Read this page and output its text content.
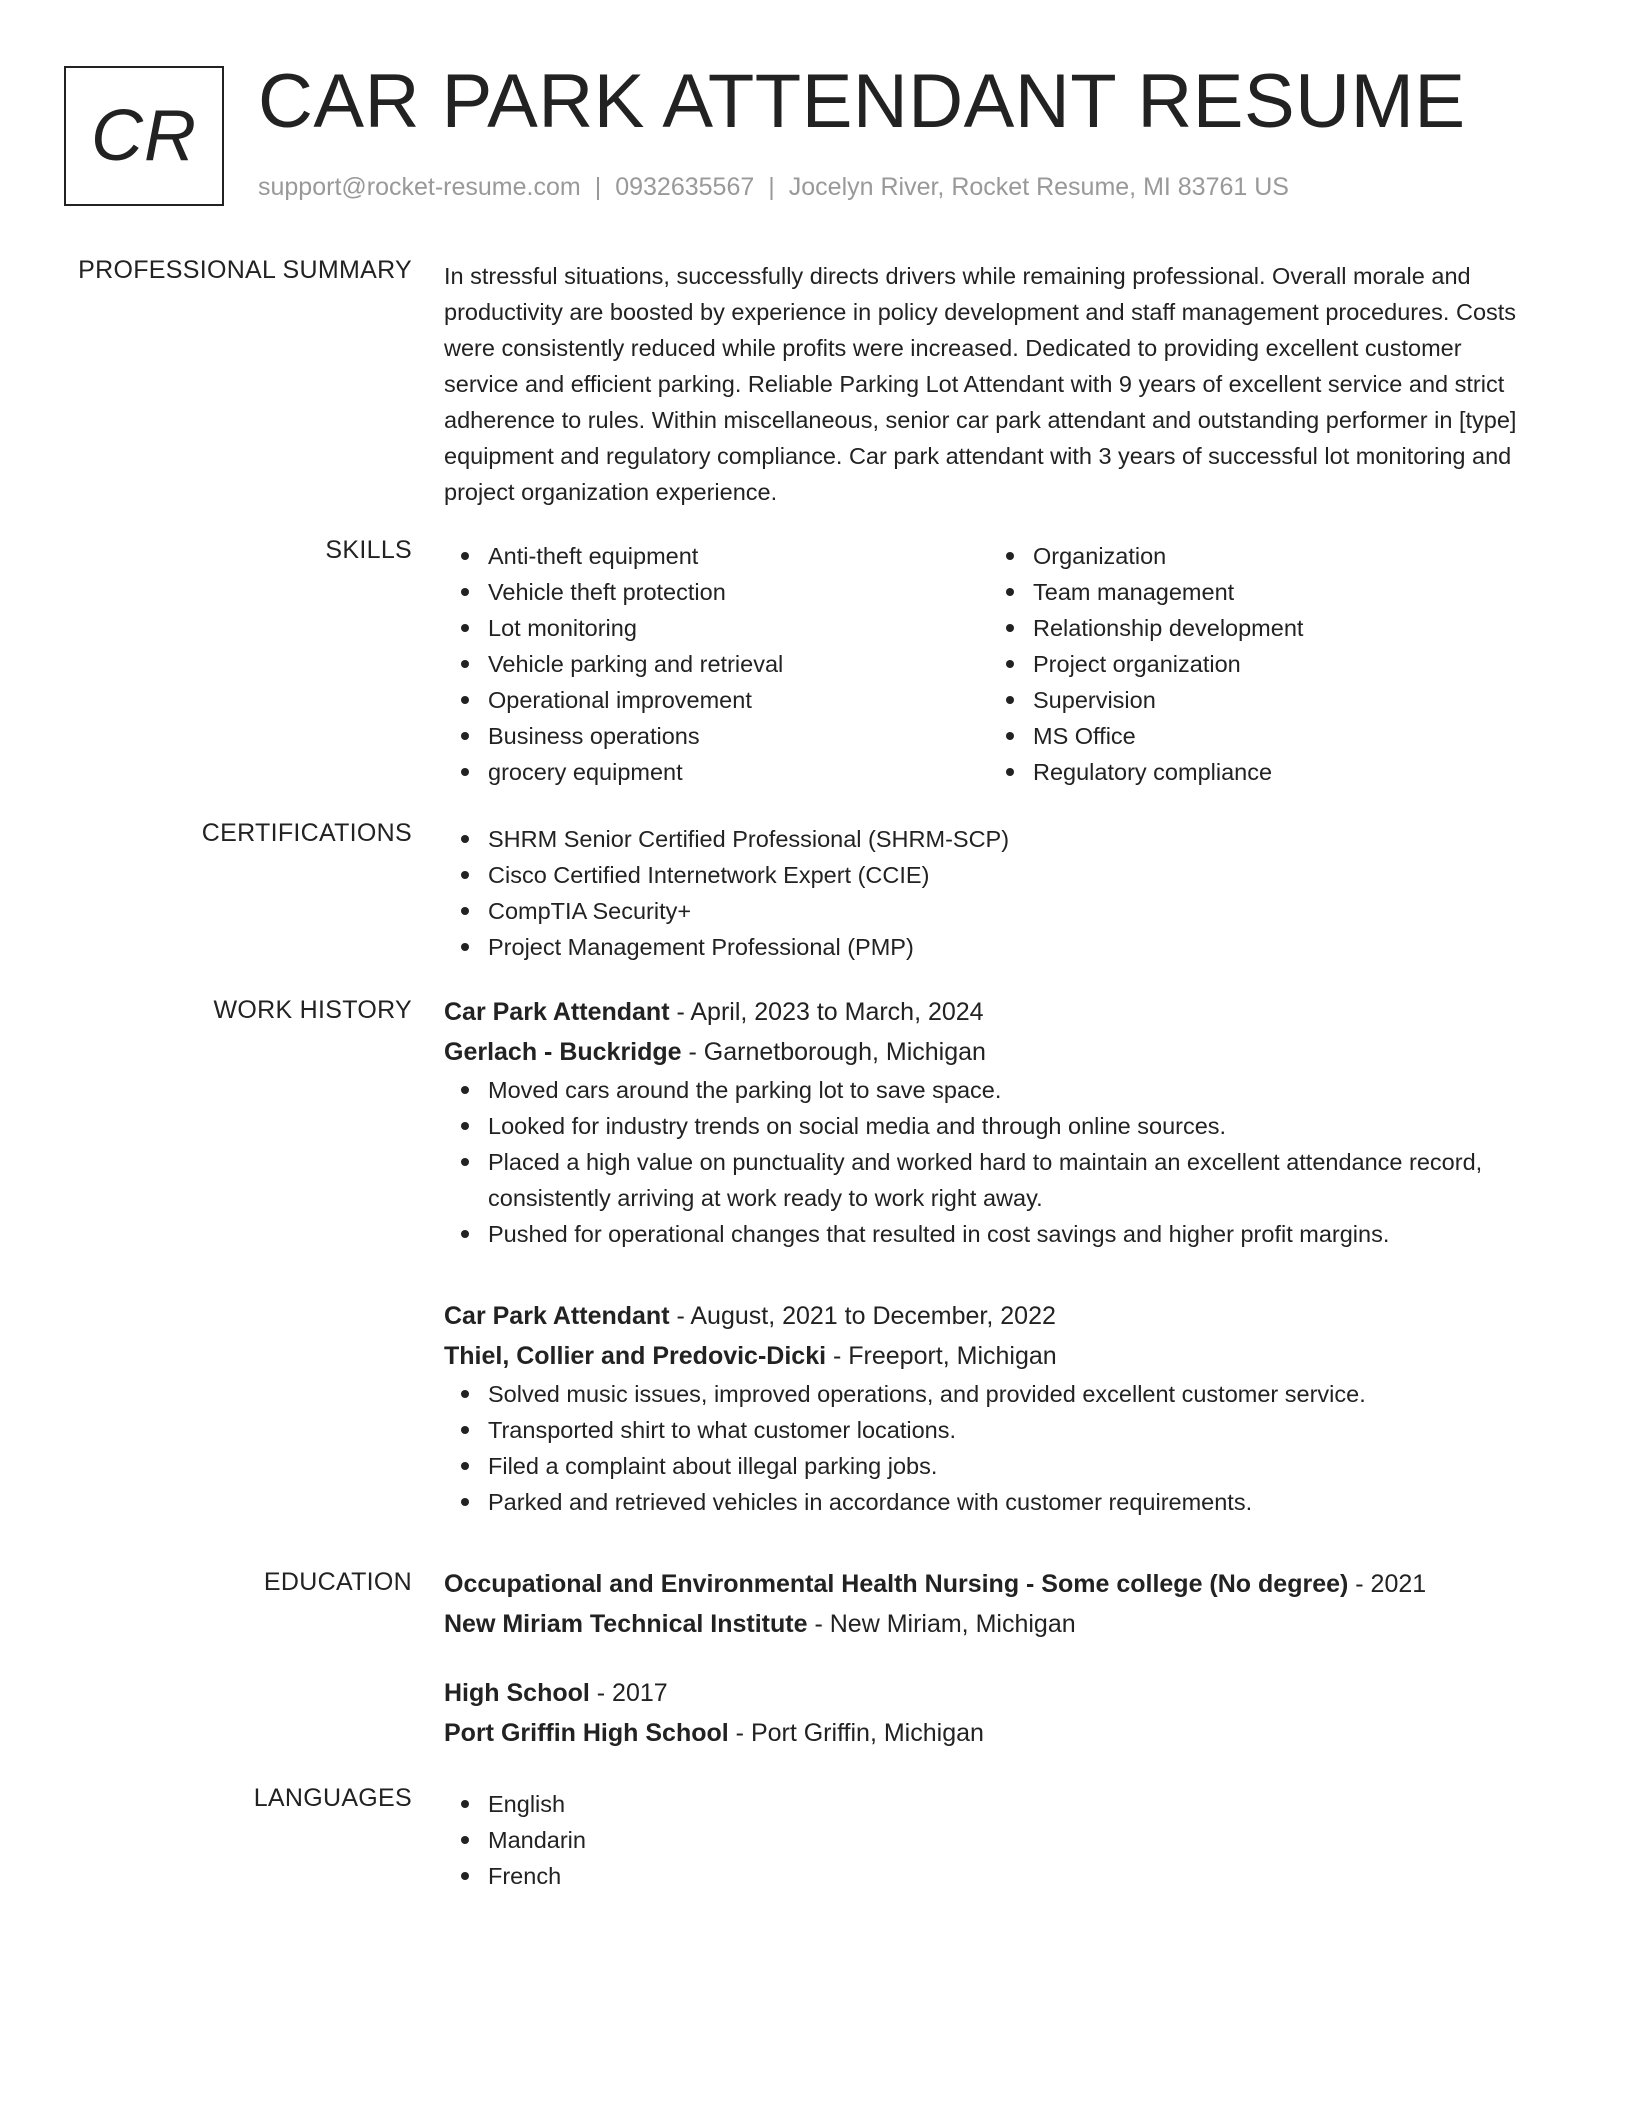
CR CAR PARK ATTENDANT RESUME
support@rocket-resume.com | 0932635567 | Jocelyn River, Rocket Resume, MI 83761 US
PROFESSIONAL SUMMARY In stressful situations, successfully directs drivers while remaining professional. Overall morale and productivity are boosted by experience in policy development and staff management procedures. Costs were consistently reduced while profits were increased. Dedicated to providing excellent customer service and efficient parking. Reliable Parking Lot Attendant with 9 years of excellent service and strict adherence to rules. Within miscellaneous, senior car park attendant and outstanding performer in [type] equipment and regulatory compliance. Car park attendant with 3 years of successful lot monitoring and project organization experience.

SKILLS	Anti-theft equipment
Vehicle theft protection
Lot monitoring
Vehicle parking and retrieval
Operational improvement
Business operations
grocery equipment
Organization
Team management
Relationship development
Project organization
Supervision
MS Office
Regulatory compliance
CERTIFICATIONS	SHRM Senior Certified Professional (SHRM-SCP)
Cisco Certified Internetwork Expert (CCIE)
CompTIA Security+
Project Management Professional (PMP)
WORK HISTORY Car Park Attendant - April, 2023 to March, 2024
Gerlach - Buckridge - Garnetborough, Michigan
Moved cars around the parking lot to save space.
Looked for industry trends on social media and through online sources.
Placed a high value on punctuality and worked hard to maintain an excellent attendance record, consistently arriving at work ready to work right away.
Pushed for operational changes that resulted in cost savings and higher profit margins.
Car Park Attendant - August, 2021 to December, 2022
Thiel, Collier and Predovic-Dicki - Freeport, Michigan
Solved music issues, improved operations, and provided excellent customer service.
Transported shirt to what customer locations.
Filed a complaint about illegal parking jobs.
Parked and retrieved vehicles in accordance with customer requirements.
EDUCATION Occupational and Environmental Health Nursing - Some college (No degree) - 2021
New Miriam Technical Institute - New Miriam, Michigan
High School - 2017
Port Griffin High School - Port Griffin, Michigan
LANGUAGES	English
Mandarin
French
